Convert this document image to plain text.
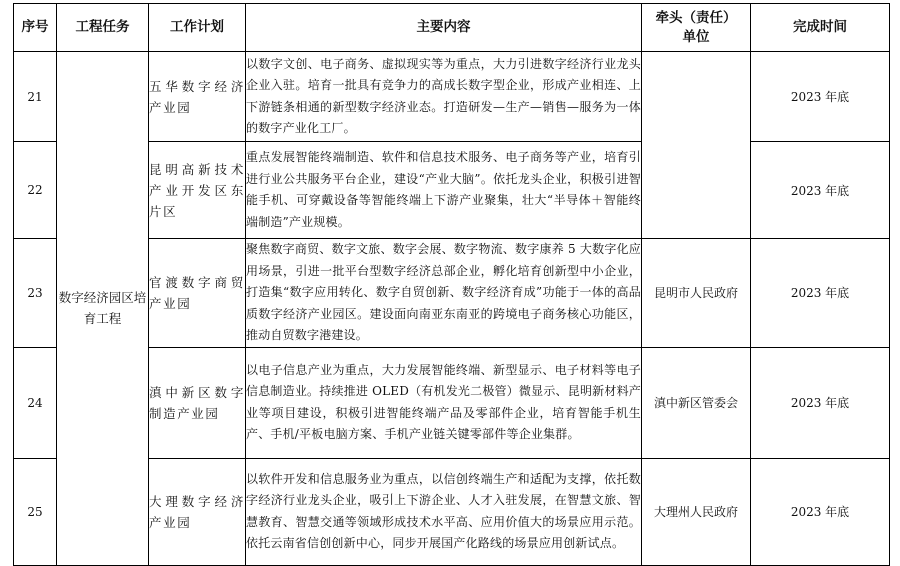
序号	工程任务	工作计划	主要内容	牵头（责任）单位	完成时间
21	数字经济园区培育工程	五华数字经济产业园	以数字文创、电子商务、虚拟现实等为重点，大力引进数字经济行业龙头企业入驻。培育一批具有竞争力的高成长数字型企业，形成产业相连、上下游链条相通的新型数字经济业态。打造研发—生产—销售—服务为一体的数字产业化工厂。		2023 年底
22		昆明高新技术产业开发区东片区	重点发展智能终端制造、软件和信息技术服务、电子商务等产业，培育引进行业公共服务平台企业，建设“产业大脑”。依托龙头企业，积极引进智能手机、可穿戴设备等智能终端上下游产业聚集，壮大“半导体＋智能终端制造”产业规模。		2023 年底
23		官渡数字商贸产业园	聚焦数字商贸、数字文旅、数字会展、数字物流、数字康养 5 大数字化应用场景，引进一批平台型数字经济总部企业，孵化培育创新型中小企业，打造集“数字应用转化、数字自贸创新、数字经济育成”功能于一体的高品质数字经济产业园区。建设面向南亚东南亚的跨境电子商务核心功能区，推动自贸数字港建设。	昆明市人民政府	2023 年底
24		滇中新区数字制造产业园	以电子信息产业为重点，大力发展智能终端、新型显示、电子材料等电子信息制造业。持续推进 OLED（有机发光二极管）微显示、昆明新材料产业等项目建设，积极引进智能终端产品及零部件企业，培育智能手机生产、手机/平板电脑方案、手机产业链关键零部件等企业集群。	滇中新区管委会	2023 年底
25		大理数字经济产业园	以软件开发和信息服务业为重点，以信创终端生产和适配为支撑，依托数字经济行业龙头企业，吸引上下游企业、人才入驻发展，在智慧文旅、智慧教育、智慧交通等领域形成技术水平高、应用价值大的场景应用示范。依托云南省信创创新中心，同步开展国产化路线的场景应用创新试点。	大理州人民政府	2023 年底
